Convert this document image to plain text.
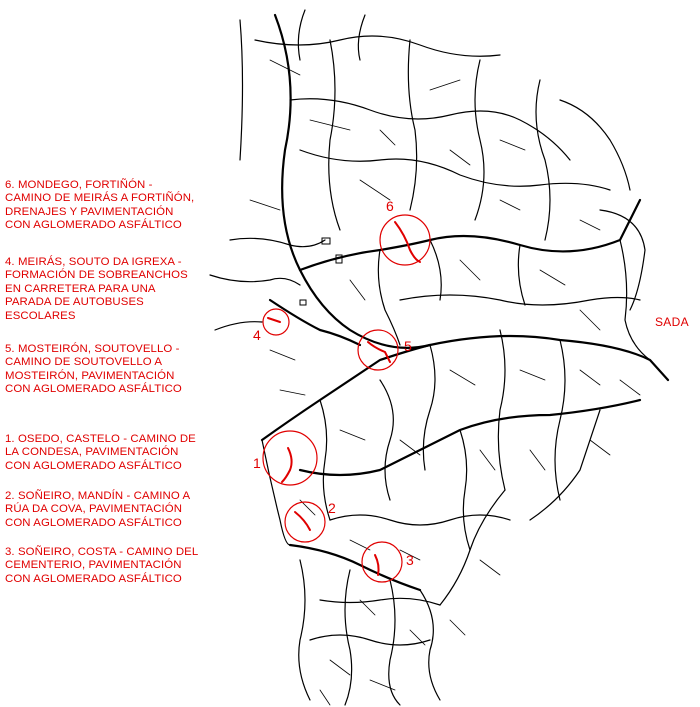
6. MONDEGO, FORTIÑÓN -
CAMINO DE MEIRÁS A FORTIÑÓN,
DRENAJES Y PAVIMENTACIÓN
CON AGLOMERADO ASFÁLTICO
4. MEIRÁS, SOUTO DA IGREXA -
FORMACIÓN DE SOBREANCHOS
EN CARRETERA PARA UNA
PARADA DE AUTOBUSES
ESCOLARES
5. MOSTEIRÓN, SOUTOVELLO -
CAMINO DE SOUTOVELLO A
MOSTEIRÓN, PAVIMENTACIÓN
CON AGLOMERADO ASFÁLTICO
1. OSEDO, CASTELO - CAMINO DE
LA CONDESA, PAVIMENTACIÓN
CON AGLOMERADO ASFÁLTICO
2. SOÑEIRO, MANDÍN - CAMINO A
RÚA DA COVA, PAVIMENTACIÓN
CON AGLOMERADO ASFÁLTICO
3. SOÑEIRO, COSTA - CAMINO DEL
CEMENTERIO, PAVIMENTACIÓN
CON AGLOMERADO ASFÁLTICO
6
4
5
1
2
3
SADA
